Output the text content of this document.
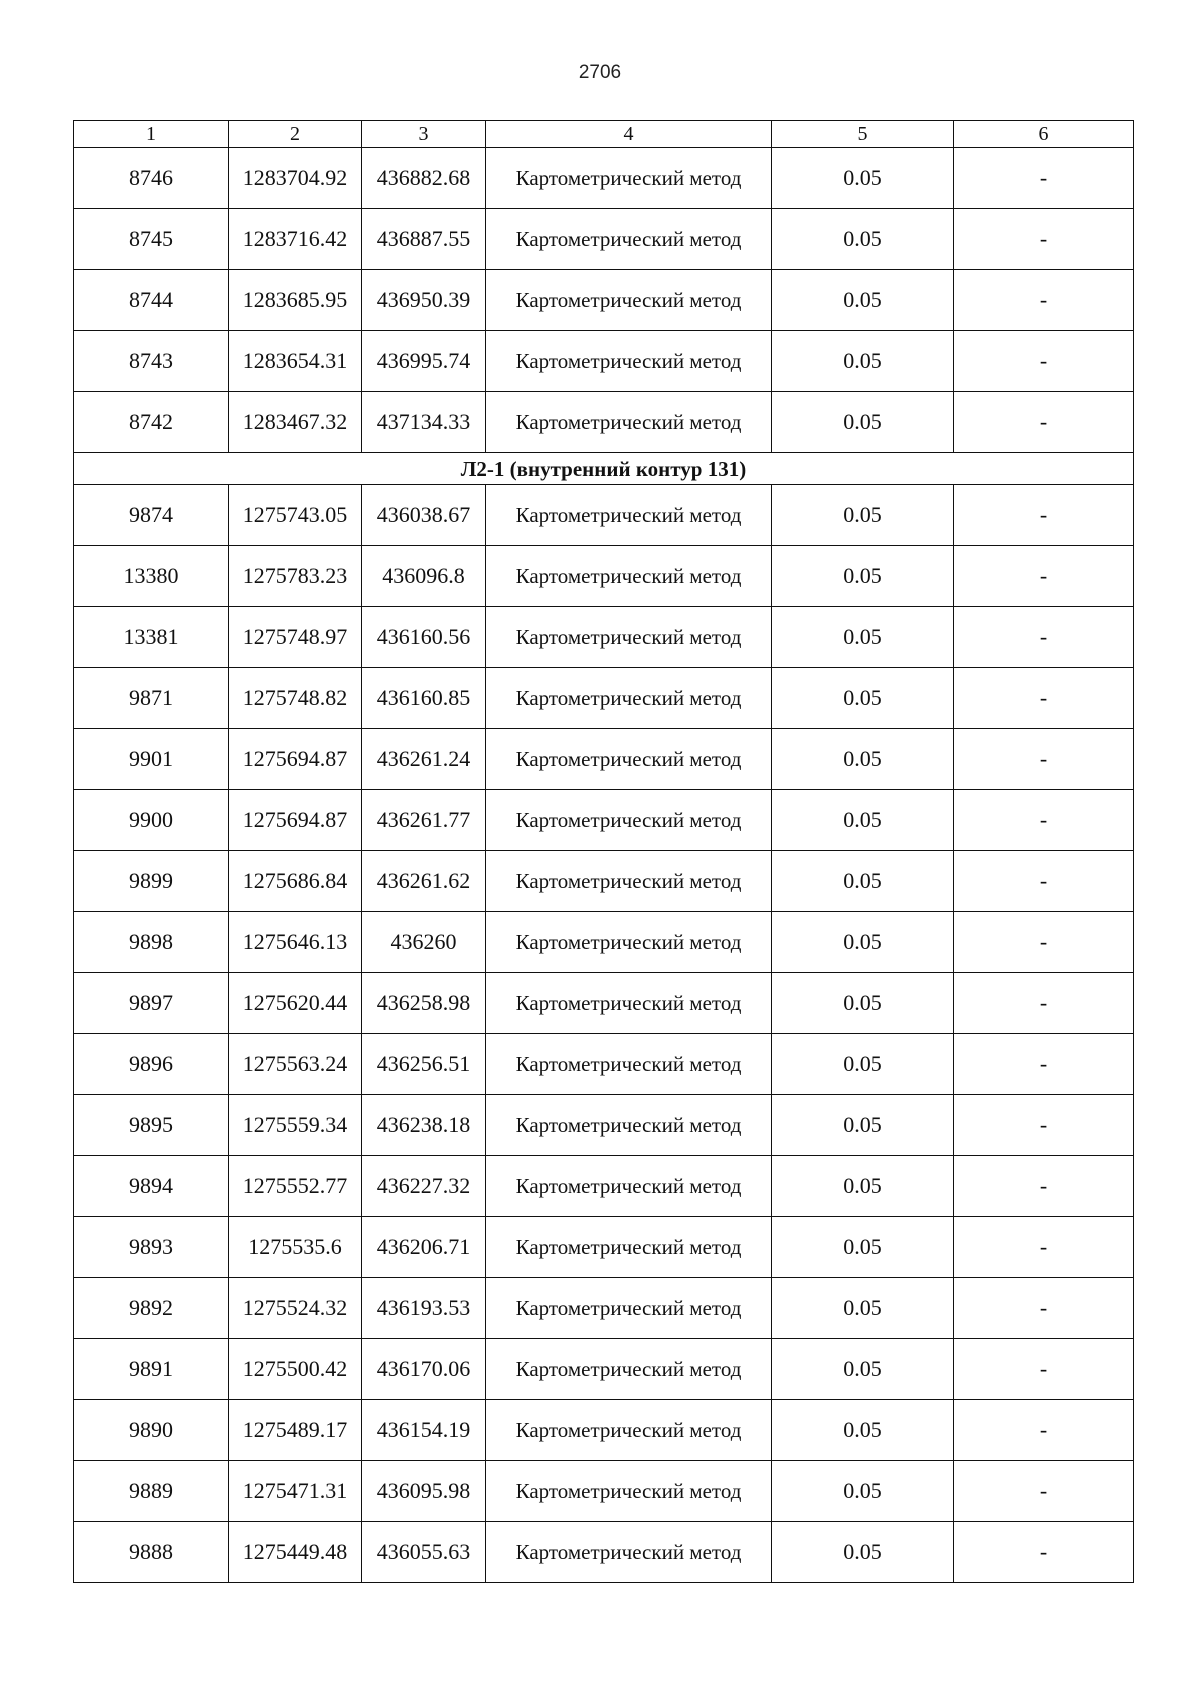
2706
1	2	3	4	5	6
8746	1283704.92	436882.68	Картометрический метод	0.05	-
8745	1283716.42	436887.55	Картометрический метод	0.05	-
8744	1283685.95	436950.39	Картометрический метод	0.05	-
8743	1283654.31	436995.74	Картометрический метод	0.05	-
8742	1283467.32	437134.33	Картометрический метод	0.05	-
Л2-1 (внутренний контур 131)					
9874	1275743.05	436038.67	Картометрический метод	0.05	-
13380	1275783.23	436096.8	Картометрический метод	0.05	-
13381	1275748.97	436160.56	Картометрический метод	0.05	-
9871	1275748.82	436160.85	Картометрический метод	0.05	-
9901	1275694.87	436261.24	Картометрический метод	0.05	-
9900	1275694.87	436261.77	Картометрический метод	0.05	-
9899	1275686.84	436261.62	Картометрический метод	0.05	-
9898	1275646.13	436260	Картометрический метод	0.05	-
9897	1275620.44	436258.98	Картометрический метод	0.05	-
9896	1275563.24	436256.51	Картометрический метод	0.05	-
9895	1275559.34	436238.18	Картометрический метод	0.05	-
9894	1275552.77	436227.32	Картометрический метод	0.05	-
9893	1275535.6	436206.71	Картометрический метод	0.05	-
9892	1275524.32	436193.53	Картометрический метод	0.05	-
9891	1275500.42	436170.06	Картометрический метод	0.05	-
9890	1275489.17	436154.19	Картометрический метод	0.05	-
9889	1275471.31	436095.98	Картометрический метод	0.05	-
9888	1275449.48	436055.63	Картометрический метод	0.05	-
